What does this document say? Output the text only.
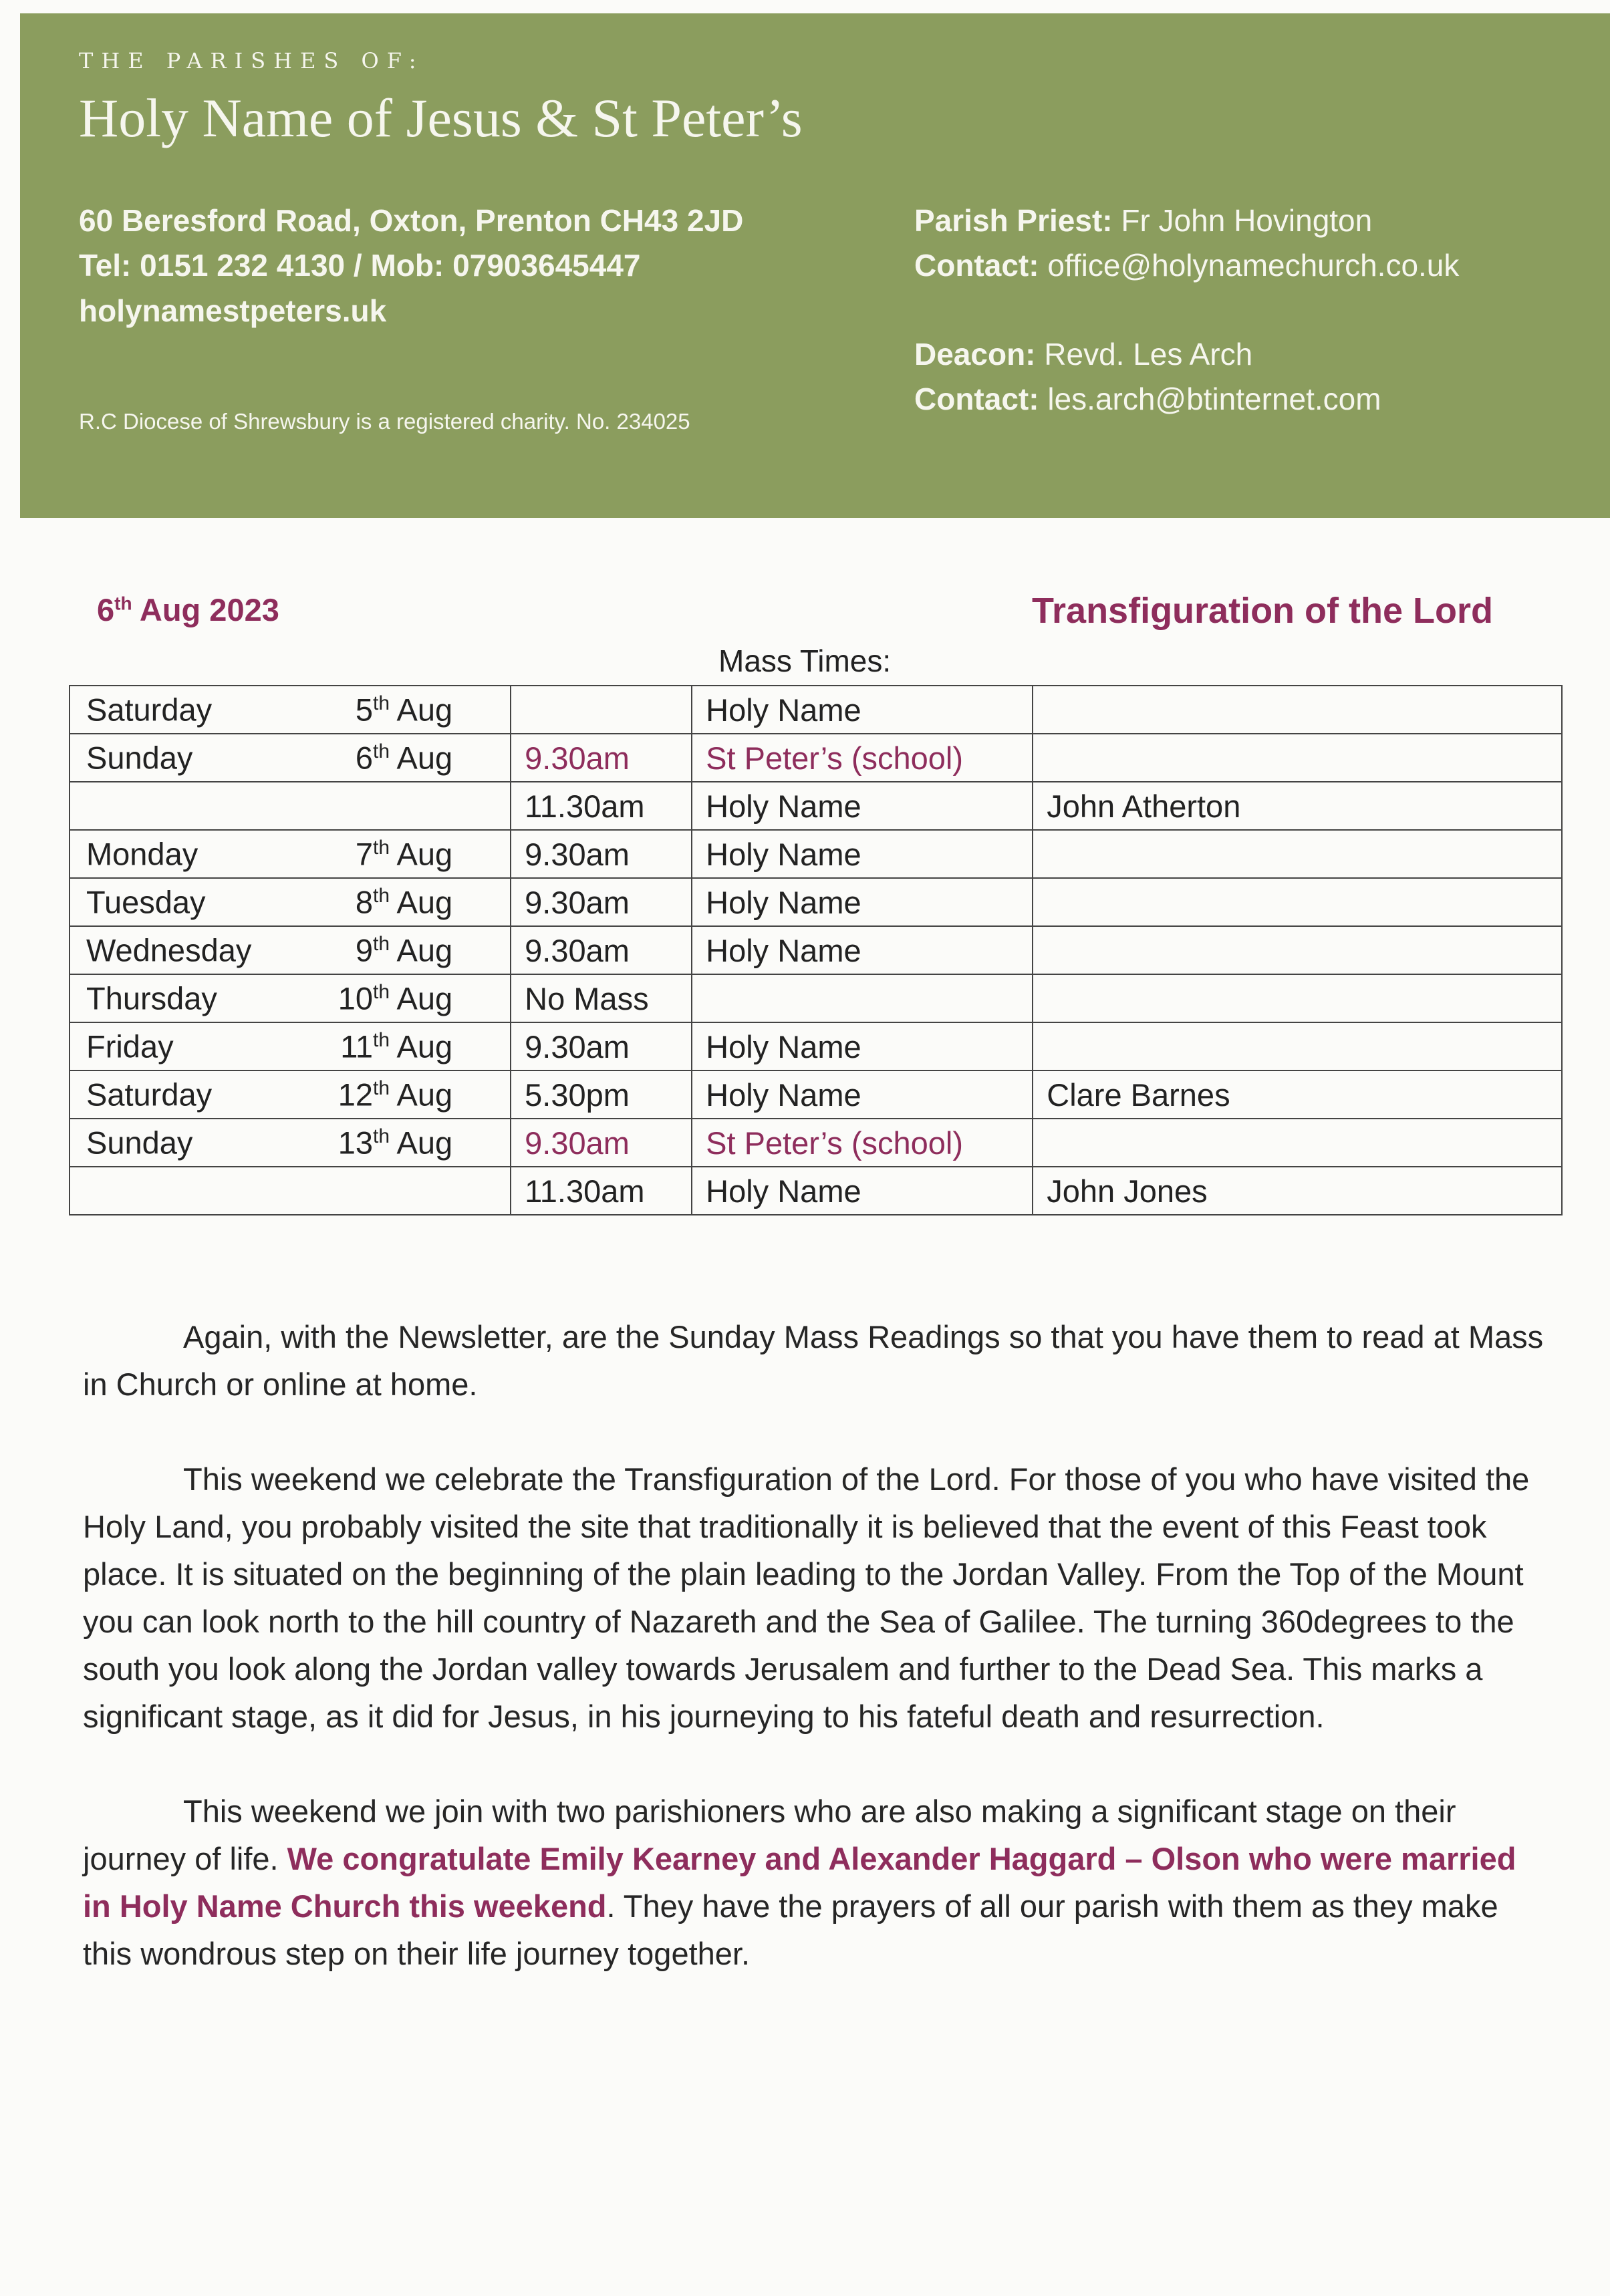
THE PARISHES OF:
Holy Name of Jesus & St Peter’s
60 Beresford Road, Oxton, Prenton CH43 2JD
Tel: 0151 232 4130 / Mob: 07903645447
holynamestpeters.uk
R.C Diocese of Shrewsbury is a registered charity. No. 234025
Parish Priest: Fr John Hovington
Contact: office@holynamechurch.co.uk
Deacon: Revd. Les Arch
Contact: les.arch@btinternet.com
6th Aug 2023	Transfiguration of the Lord
Mass Times:
Saturday 5th Aug		Holy Name	

Sunday 6th Aug	9.30am	St Peter’s (school)	

	11.30am	Holy Name	John Atherton

Monday 7th Aug	9.30am	Holy Name	

Tuesday 8th Aug	9.30am	Holy Name	

Wednesday 9th Aug	9.30am	Holy Name	

Thursday 10th Aug	No Mass		

Friday 11th Aug	9.30am	Holy Name	

Saturday 12th Aug	5.30pm	Holy Name	Clare Barnes

Sunday 13th Aug	9.30am	St Peter’s (school)	

	11.30am	Holy Name	John Jones

Again, with the Newsletter, are the Sunday Mass Readings so that you have them to read at Mass in Church or online at home.

This weekend we celebrate the Transfiguration of the Lord. For those of you who have visited the Holy Land, you probably visited the site that traditionally it is believed that the event of this Feast took place. It is situated on the beginning of the plain leading to the Jordan Valley. From the Top of the Mount you can look north to the hill country of Nazareth and the Sea of Galilee. The turning 360degrees to the south you look along the Jordan valley towards Jerusalem and further to the Dead Sea. This marks a significant stage, as it did for Jesus, in his journeying to his fateful death and resurrection.

This weekend we join with two parishioners who are also making a significant stage on their journey of life. We congratulate Emily Kearney and Alexander Haggard – Olson who were married in Holy Name Church this weekend. They have the prayers of all our parish with them as they make this wondrous step on their life journey together.
